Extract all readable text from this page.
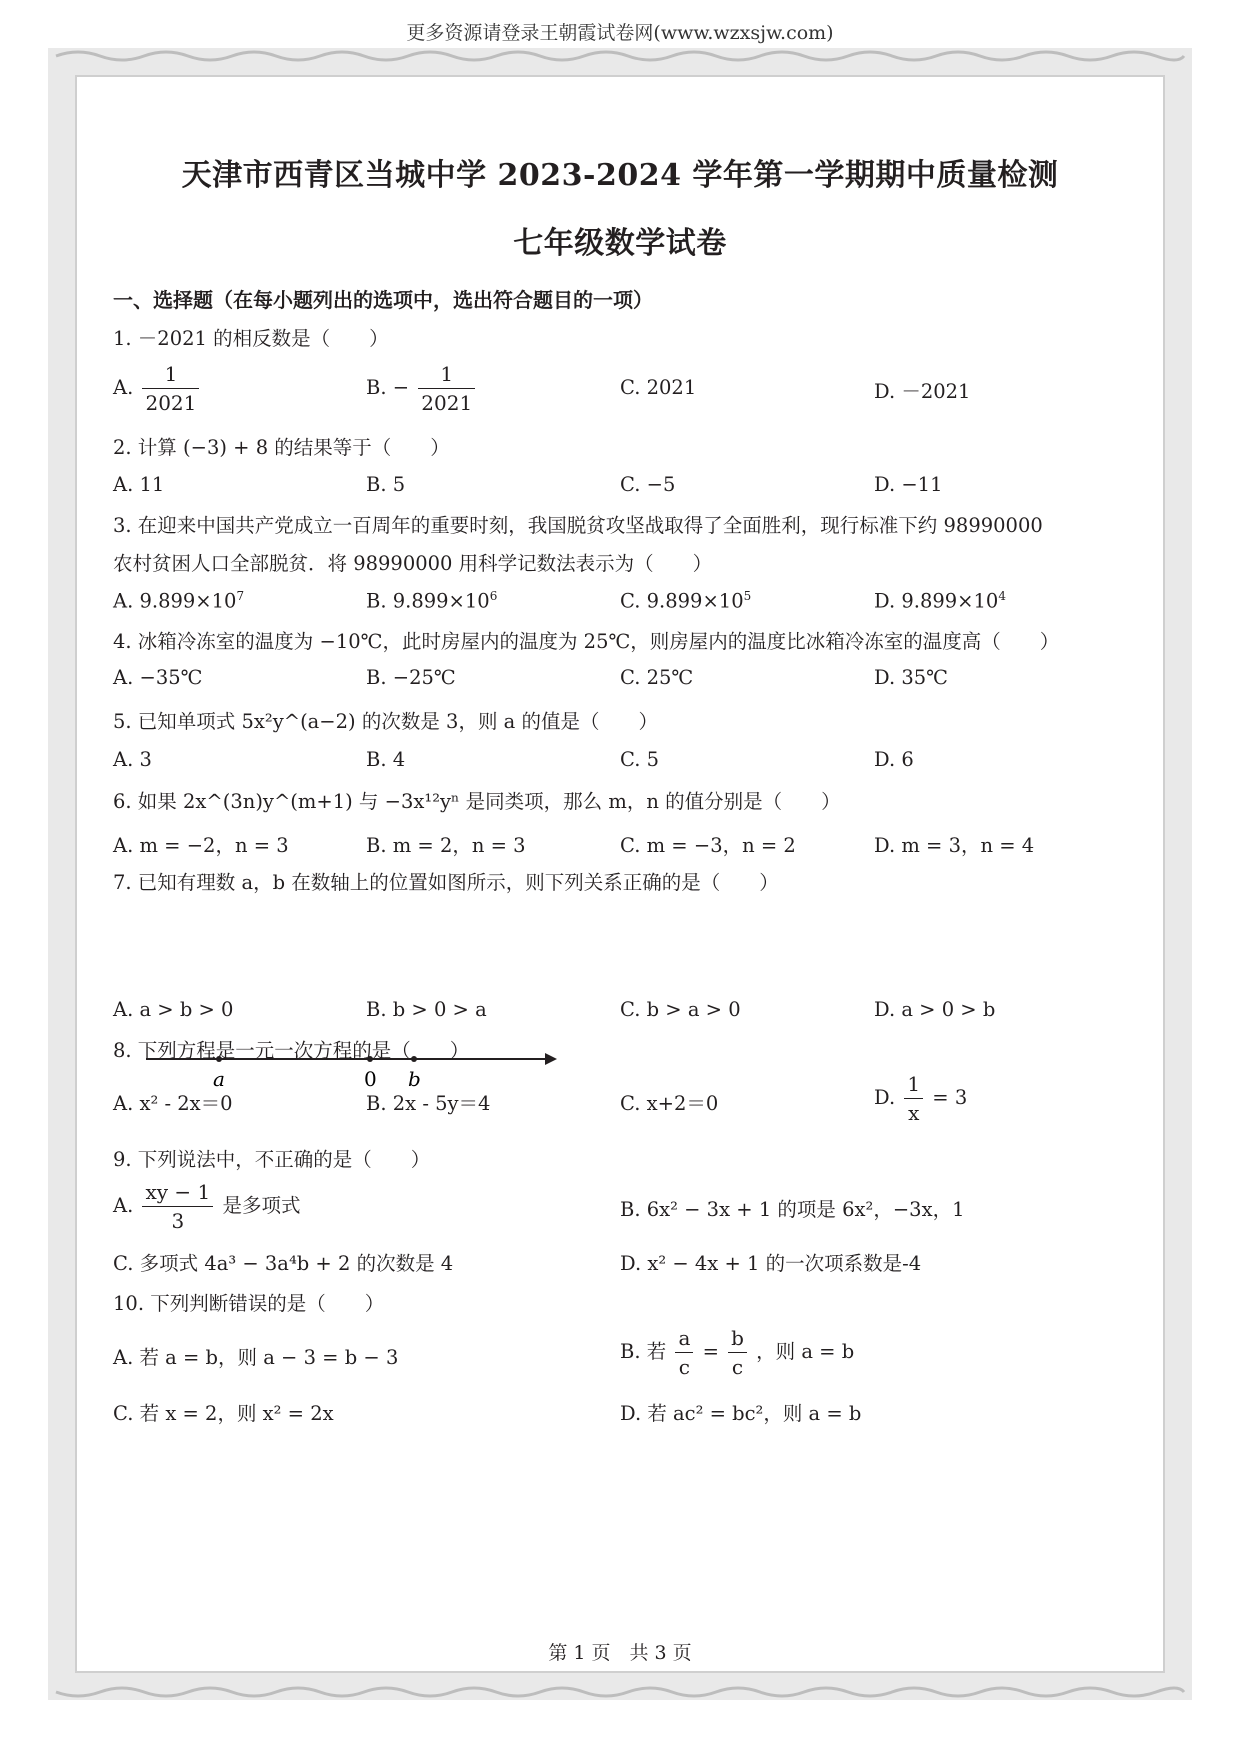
更多资源请登录王朝霞试卷网(www.wzxsjw.com)
天津市西青区当城中学 2023-2024 学年第一学期期中质量检测
七年级数学试卷
一、选择题（在每小题列出的选项中，选出符合题目的一项）
1. －2021 的相反数是（　　）
A. $\frac{1}{2021}$	B. − $\frac{1}{2021}$	C. 2021	D. －2021
2. 计算 (−3) + 8 的结果等于（　　）
A. 11	B. 5	C. −5	D. −11
3. 在迎来中国共产党成立一百周年的重要时刻，我国脱贫攻坚战取得了全面胜利，现行标准下约 98990000
农村贫困人口全部脱贫．将 98990000 用科学记数法表示为（　　）
A. $9.899\times 10^7$	B. $9.899\times 10^6$	C. $9.899\times 10^5$	D. $9.899\times 10^4$
4. 冰箱冷冻室的温度为 −10℃，此时房屋内的温度为 25℃，则房屋内的温度比冰箱冷冻室的温度高（　　）
A. −35℃	B. −25℃	C. 25℃	D. 35℃
5. 已知单项式 5x²y^(a−2) 的次数是 3，则 a 的值是（　　）
A. 3	B. 4	C. 5	D. 6
6. 如果 2x^(3n)y^(m+1) 与 −3x¹²yⁿ 是同类项，那么 m，n 的值分别是（　　）
A. m = −2，n = 3	B. m = 2，n = 3	C. m = −3，n = 2	D. m = 3，n = 4
7. 已知有理数 a，b 在数轴上的位置如图所示，则下列关系正确的是（　　）
a	0 b
A. a > b > 0	B. b > 0 > a	C. b > a > 0	D. a > 0 > b
8. 下列方程是一元一次方程的是（　　）
A. x² - 2x＝0	B. 2x - 5y＝4	C. x+2＝0	D. $\frac{1}{x} = 3$
9. 下列说法中，不正确的是（　　）
A. $\frac{xy - 1}{3}$ 是多项式	B. 6x² − 3x + 1 的项是 6x²，−3x，1
C. 多项式 4a³ − 3a⁴b + 2 的次数是 4	D. x² − 4x + 1 的一次项系数是-4
10. 下列判断错误的是（　　）
A. 若 a = b，则 a − 3 = b − 3	B. 若 $\frac{a}{c} = \frac{b}{c}$ ，则 a = b
C. 若 x = 2，则 x² = 2x	D. 若 ac² = bc²，则 a = b
第 1 页　共 3 页
